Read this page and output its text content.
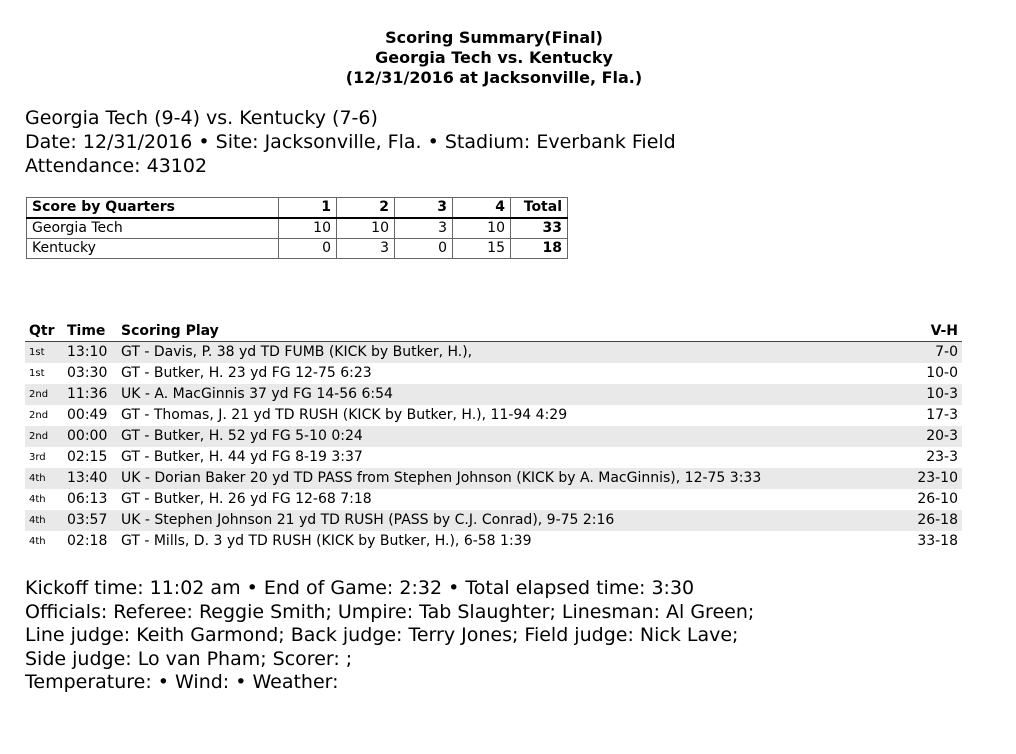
Scoring Summary(Final)
Georgia Tech vs. Kentucky
(12/31/2016 at Jacksonville, Fla.)
Georgia Tech (9-4) vs. Kentucky (7-6)
Date: 12/31/2016 • Site: Jacksonville, Fla. • Stadium: Everbank Field
Attendance: 43102
Score by Quarters	1	2	3	4	Total
Georgia Tech	10	10	3	10	33
Kentucky	0	3	0	15	18
Qtr	Time	Scoring Play	V-H
1st	13:10	GT - Davis, P. 38 yd TD FUMB (KICK by Butker, H.),	7-0
1st	03:30	GT - Butker, H. 23 yd FG 12-75 6:23	10-0
2nd	11:36	UK - A. MacGinnis 37 yd FG 14-56 6:54	10-3
2nd	00:49	GT - Thomas, J. 21 yd TD RUSH (KICK by Butker, H.), 11-94 4:29	17-3
2nd	00:00	GT - Butker, H. 52 yd FG 5-10 0:24	20-3
3rd	02:15	GT - Butker, H. 44 yd FG 8-19 3:37	23-3
4th	13:40	UK - Dorian Baker 20 yd TD PASS from Stephen Johnson (KICK by A. MacGinnis), 12-75 3:33	23-10
4th	06:13	GT - Butker, H. 26 yd FG 12-68 7:18	26-10
4th	03:57	UK - Stephen Johnson 21 yd TD RUSH (PASS by C.J. Conrad), 9-75 2:16	26-18
4th	02:18	GT - Mills, D. 3 yd TD RUSH (KICK by Butker, H.), 6-58 1:39	33-18
Kickoff time: 11:02 am • End of Game: 2:32 • Total elapsed time: 3:30
Officials: Referee: Reggie Smith; Umpire: Tab Slaughter; Linesman: Al Green;
Line judge: Keith Garmond; Back judge: Terry Jones; Field judge: Nick Lave;
Side judge: Lo van Pham; Scorer: ;
Temperature: • Wind: • Weather:
